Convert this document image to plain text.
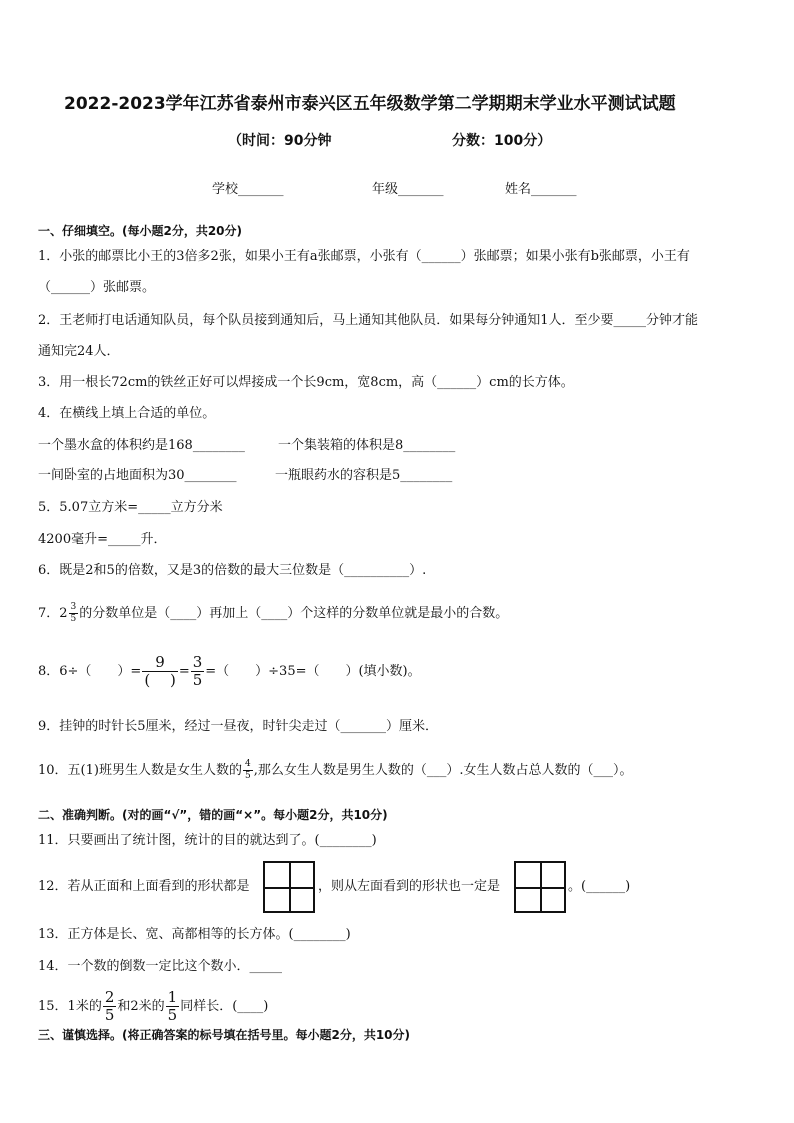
2022-2023学年江苏省泰州市泰兴区五年级数学第二学期期末学业水平测试试题
（时间：90分钟	分数：100分）
学校_______	年级_______	姓名_______
一、仔细填空。(每小题2分，共20分)
1．小张的邮票比小王的3倍多2张，如果小王有a张邮票，小张有（______）张邮票；如果小张有b张邮票，小王有
（______）张邮票。
2．王老师打电话通知队员，每个队员接到通知后，马上通知其他队员．如果每分钟通知1人．至少要_____分钟才能
通知完24人．
3．用一根长72cm的铁丝正好可以焊接成一个长9cm，宽8cm，高（______）cm的长方体。
4．在横线上填上合适的单位。
一个墨水盒的体积约是168________	一个集装箱的体积是8________
一间卧室的占地面积为30________	一瓶眼药水的容积是5________
5．5.07立方米=_____立方分米
4200毫升=_____升．
6．既是2和5的倍数，又是3的倍数的最大三位数是（__________）.
7．$2 \frac{3}{5}$ 的分数单位是（____）再加上（____）个这样的分数单位就是最小的合数。
8．6÷（　　）= $\frac{9}{( )} = \frac{3}{5}$ =（　　）÷35=（　　）(填小数)。
9．挂钟的时针长5厘米，经过一昼夜，时针尖走过（_______）厘米．
10．五(1)班男生人数是女生人数的 $\frac{4}{5}$ ,那么女生人数是男生人数的（___）.女生人数占总人数的（___）。
二、准确判断。(对的画“√”，错的画“×”。每小题2分，共10分)
11．只要画出了统计图，统计的目的就达到了。(________)
12．若从正面和上面看到的形状都是	，则从左面看到的形状也一定是	。(______)
13．正方体是长、宽、高都相等的长方体。(________)
14．一个数的倒数一定比这个数小．_____
15．1米的 $\frac{2}{5}$ 和2米的 $\frac{1}{5}$ 同样长．(____)
三、谨慎选择。(将正确答案的标号填在括号里。每小题2分，共10分)
